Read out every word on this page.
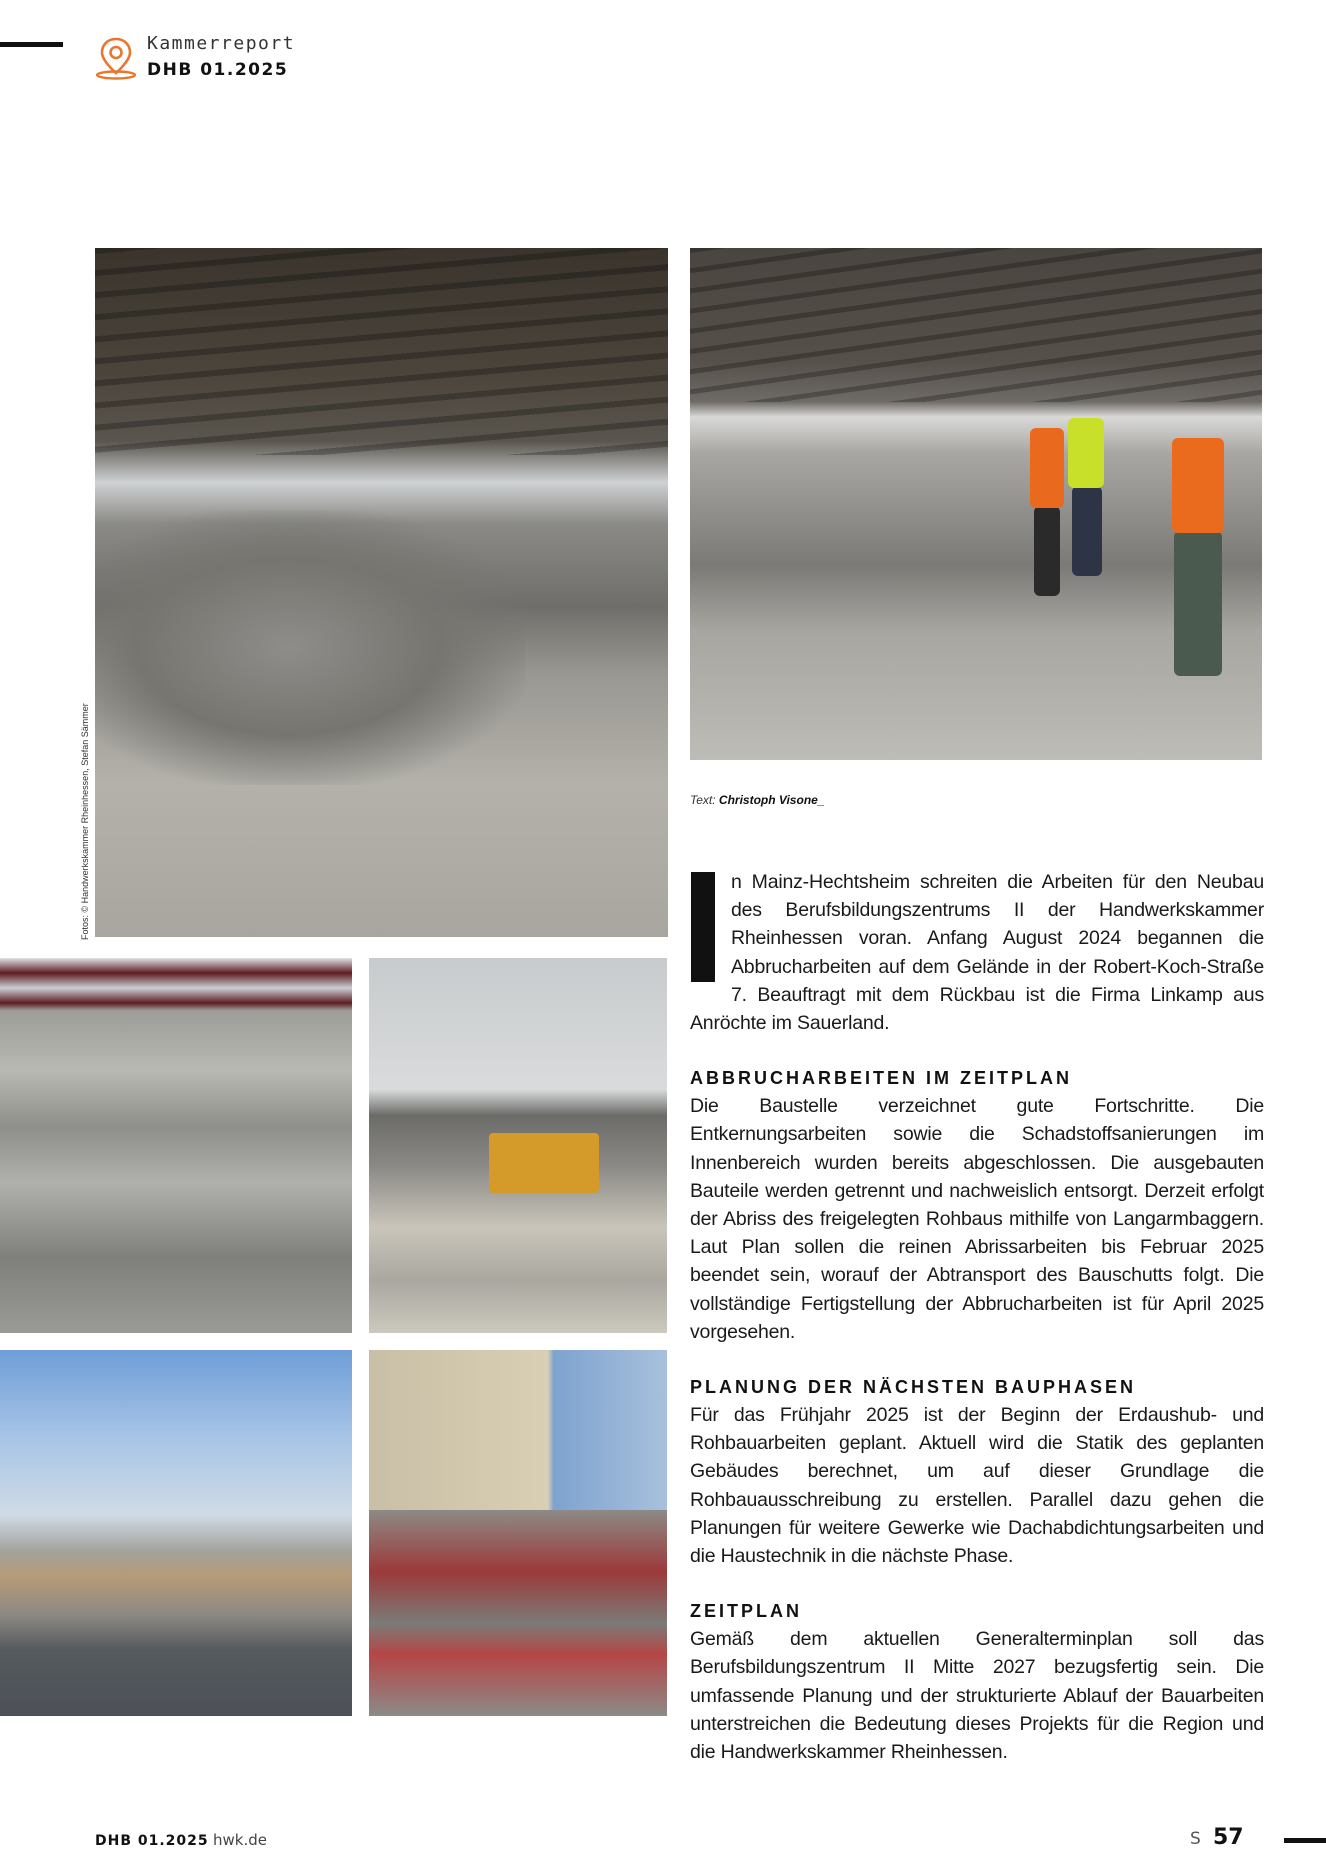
Kammerreport
DHB 01.2025
Fotos: © Handwerkskammer Rheinhessen, Stefan Sämmer	Text: Christoph Visone_

n Mainz-Hechtsheim schreiten die Arbeiten für den Neubau des Berufsbildungszentrums II der Handwerkskammer Rheinhessen voran. Anfang August 2024 begannen die Abbrucharbeiten auf dem Gelände in der Robert-Koch-Straße 7. Beauftragt mit dem Rückbau ist die Firma Linkamp aus Anröchte im Sauerland.

ABBRUCHARBEITEN IM ZEITPLAN

Die Baustelle verzeichnet gute Fortschritte. Die Entkernungsarbeiten sowie die Schadstoffsanierungen im Innenbereich wurden bereits abgeschlossen. Die ausgebauten Bauteile werden getrennt und nachweislich entsorgt. Derzeit erfolgt der Abriss des freigelegten Rohbaus mithilfe von Langarmbaggern. Laut Plan sollen die reinen Abrissarbeiten bis Februar 2025 beendet sein, worauf der Abtransport des Bauschutts folgt. Die vollständige Fertigstellung der Abbrucharbeiten ist für April 2025 vorgesehen.

PLANUNG DER NÄCHSTEN BAUPHASEN

Für das Frühjahr 2025 ist der Beginn der Erdaushub- und Rohbauarbeiten geplant. Aktuell wird die Statik des geplanten Gebäudes berechnet, um auf dieser Grundlage die Rohbauausschreibung zu erstellen. Parallel dazu gehen die Planungen für weitere Gewerke wie Dachabdichtungsarbeiten und die Haustechnik in die nächste Phase.

ZEITPLAN

Gemäß dem aktuellen Generalterminplan soll das Berufsbildungszentrum II Mitte 2027 bezugsfertig sein. Die umfassende Planung und der strukturierte Ablauf der Bauarbeiten unterstreichen die Bedeutung dieses Projekts für die Region und die Handwerkskammer Rheinhessen.

DHB 01.2025 hwk.de	S 57
